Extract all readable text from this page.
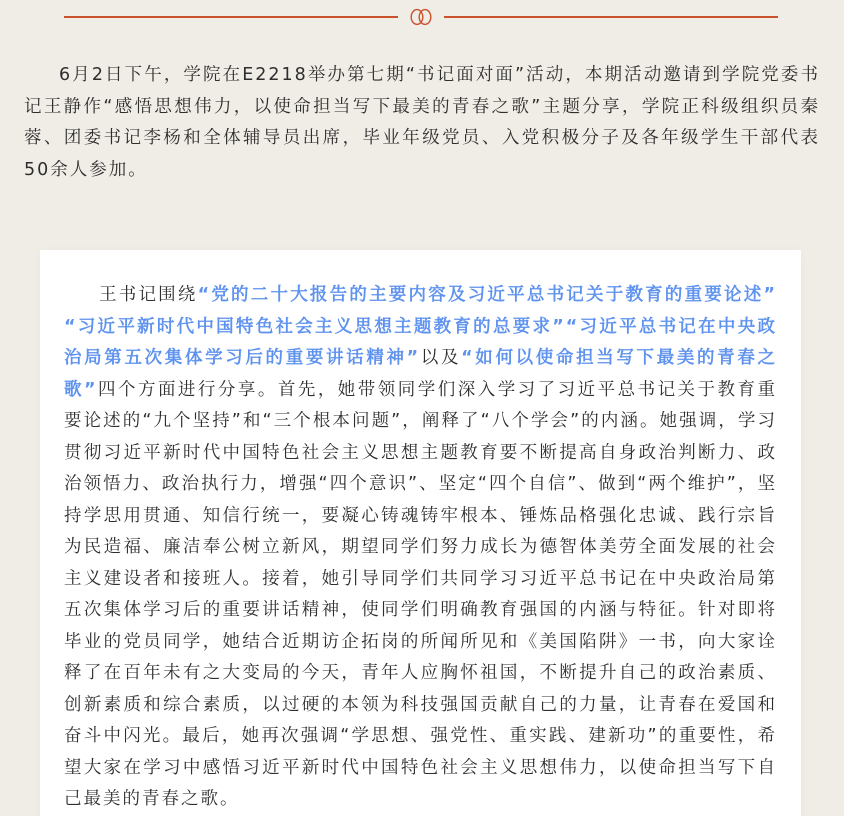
6月2日下午，学院在E2218举办第七期“书记面对面”活动，本期活动邀请到学院党委书记王静作“感悟思想伟力，以使命担当写下最美的青春之歌”主题分享，学院正科级组织员秦蓉、团委书记李杨和全体辅导员出席，毕业年级党员、入党积极分子及各年级学生干部代表50余人参加。

王书记围绕“党的二十大报告的主要内容及习近平总书记关于教育的重要论述”“习近平新时代中国特色社会主义思想主题教育的总要求”“习近平总书记在中央政治局第五次集体学习后的重要讲话精神”以及“如何以使命担当写下最美的青春之歌”四个方面进行分享。首先，她带领同学们深入学习了习近平总书记关于教育重要论述的“九个坚持”和“三个根本问题”，阐释了“八个学会”的内涵。她强调，学习贯彻习近平新时代中国特色社会主义思想主题教育要不断提高自身政治判断力、政治领悟力、政治执行力，增强“四个意识”、坚定“四个自信”、做到“两个维护”，坚持学思用贯通、知信行统一，要凝心铸魂铸牢根本、锤炼品格强化忠诚、践行宗旨为民造福、廉洁奉公树立新风，期望同学们努力成长为德智体美劳全面发展的社会主义建设者和接班人。接着，她引导同学们共同学习习近平总书记在中央政治局第五次集体学习后的重要讲话精神，使同学们明确教育强国的内涵与特征。针对即将毕业的党员同学，她结合近期访企拓岗的所闻所见和《美国陷阱》一书，向大家诠释了在百年未有之大变局的今天，青年人应胸怀祖国，不断提升自己的政治素质、创新素质和综合素质，以过硬的本领为科技强国贡献自己的力量，让青春在爱国和奋斗中闪光。最后，她再次强调“学思想、强党性、重实践、建新功”的重要性，希望大家在学习中感悟习近平新时代中国特色社会主义思想伟力，以使命担当写下自己最美的青春之歌。
